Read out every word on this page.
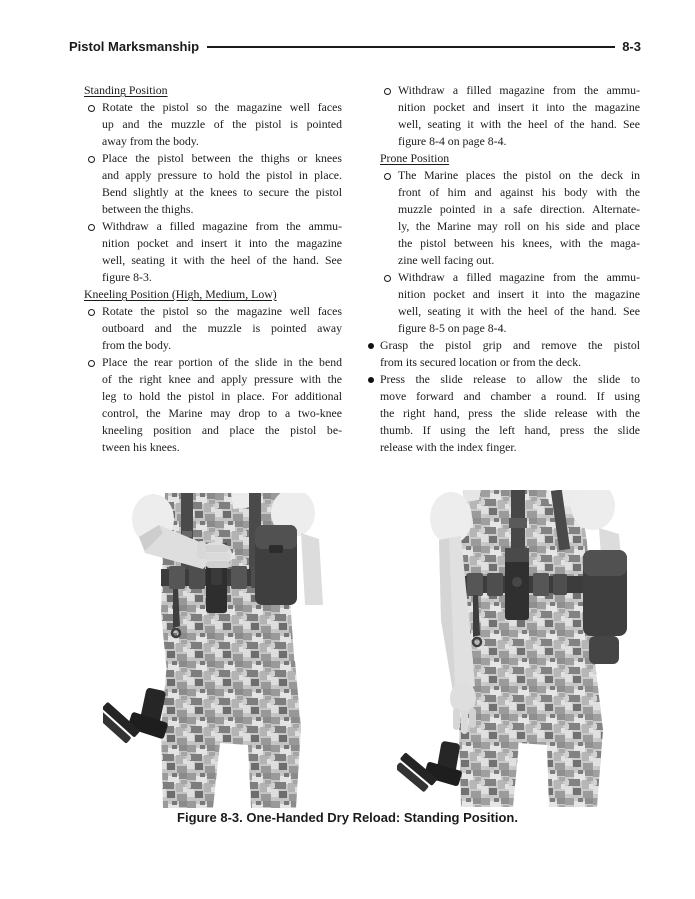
Pistol Marksmanship	8-3
Standing Position
Rotate the pistol so the magazine well faces
up and the muzzle of the pistol is pointed
away from the body.
Place the pistol between the thighs or knees
and apply pressure to hold the pistol in place.
Bend slightly at the knees to secure the pistol
between the thighs.
Withdraw a filled magazine from the ammu-
nition pocket and insert it into the magazine
well, seating it with the heel of the hand. See
figure 8-3.
Kneeling Position (High, Medium, Low)
Rotate the pistol so the magazine well faces
outboard and the muzzle is pointed away
from the body.
Place the rear portion of the slide in the bend
of the right knee and apply pressure with the
leg to hold the pistol in place. For additional
control, the Marine may drop to a two-knee
kneeling position and place the pistol be-
tween his knees.
Withdraw a filled magazine from the ammu-
nition pocket and insert it into the magazine
well, seating it with the heel of the hand. See
figure 8-4 on page 8-4.
Prone Position
The Marine places the pistol on the deck in
front of him and against his body with the
muzzle pointed in a safe direction. Alternate-
ly, the Marine may roll on his side and place
the pistol between his knees, with the maga-
zine well facing out.
Withdraw a filled magazine from the ammu-
nition pocket and insert it into the magazine
well, seating it with the heel of the hand. See
figure 8-5 on page 8-4.
Grasp the pistol grip and remove the pistol
from its secured location or from the deck.
Press the slide release to allow the slide to
move forward and chamber a round. If using
the right hand, press the slide release with the
thumb. If using the left hand, press the slide
release with the index finger.
Figure 8-3. One-Handed Dry Reload: Standing Position.
